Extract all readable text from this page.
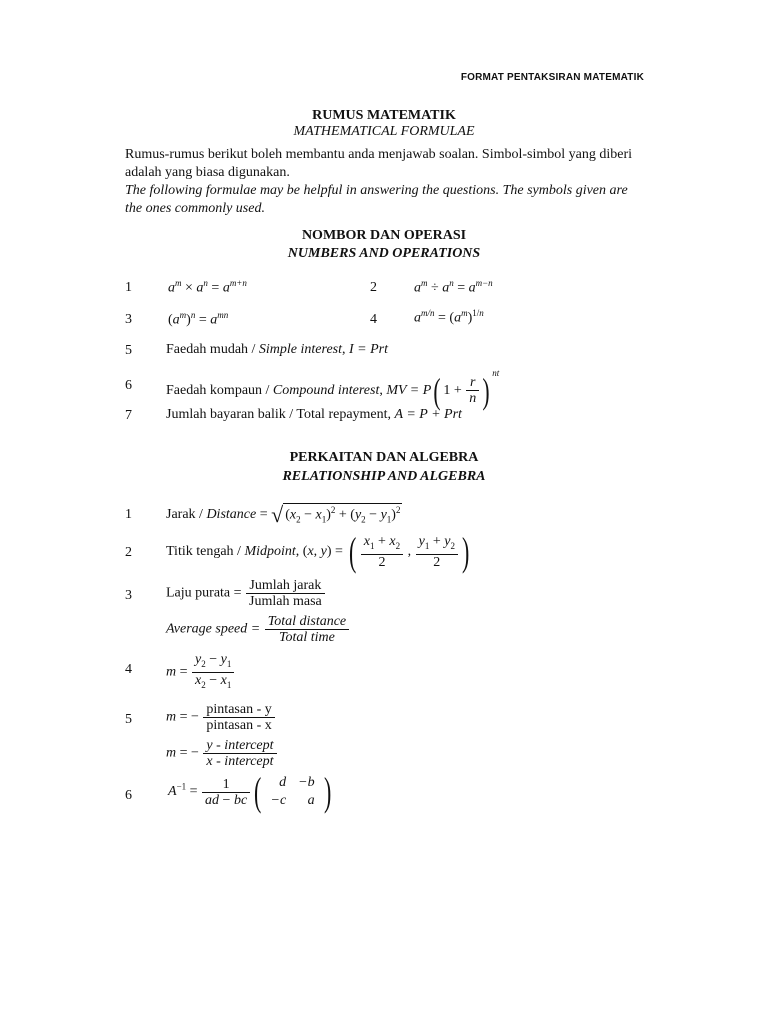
FORMAT PENTAKSIRAN MATEMATIK
RUMUS MATEMATIK
MATHEMATICAL FORMULAE
Rumus-rumus berikut boleh membantu anda menjawab soalan. Simbol-simbol yang diberi adalah yang biasa digunakan.
The following formulae may be helpful in answering the questions. The symbols given are the ones commonly used.
NOMBOR DAN OPERASI
NUMBERS AND OPERATIONS
1	$a^m \times a^n = a^{m+n}$	2	$a^m \div a^n = a^{m-n}$
3	$(a^m)^n = a^{mn}$	4	$a^{m/n} = (a^m)^{1/n}$
5 Faedah mudah / Simple interest, I = Prt
6 Faedah kompaun / Compound interest, MV = P( $1 + \frac{r}{n}$ ) $^{nt}$
7 Jumlah bayaran balik / Total repayment, A = P + Prt
PERKAITAN DAN ALGEBRA
RELATIONSHIP AND ALGEBRA
1 Jarak / Distance = √ $(x_2 - x_1)^2 + (y_2 - y_1)^2$
2 Titik tengah / Midpoint, (x, y) = ( $\frac{x_1 + x_2}{2}$ , $\frac{y_1 + y_2}{2}$ )
3 Laju purata = $\frac{\text{Jumlah jarak}}{\text{Jumlah masa}}$
Average speed = $\frac{\text{Total distance}}{\text{Total time}}$
4 $m = \frac{y_2 - y_1}{x_2 - x_1}$
5 m = − $\frac{\text{pintasan - y}}{\text{pintasan - x}}$
m = − $\frac{\text{y - intercept}}{\text{x - intercept}}$
6	$A^{-1} = \frac{1}{ad - bc}$ ( d	−b
−c	a )
